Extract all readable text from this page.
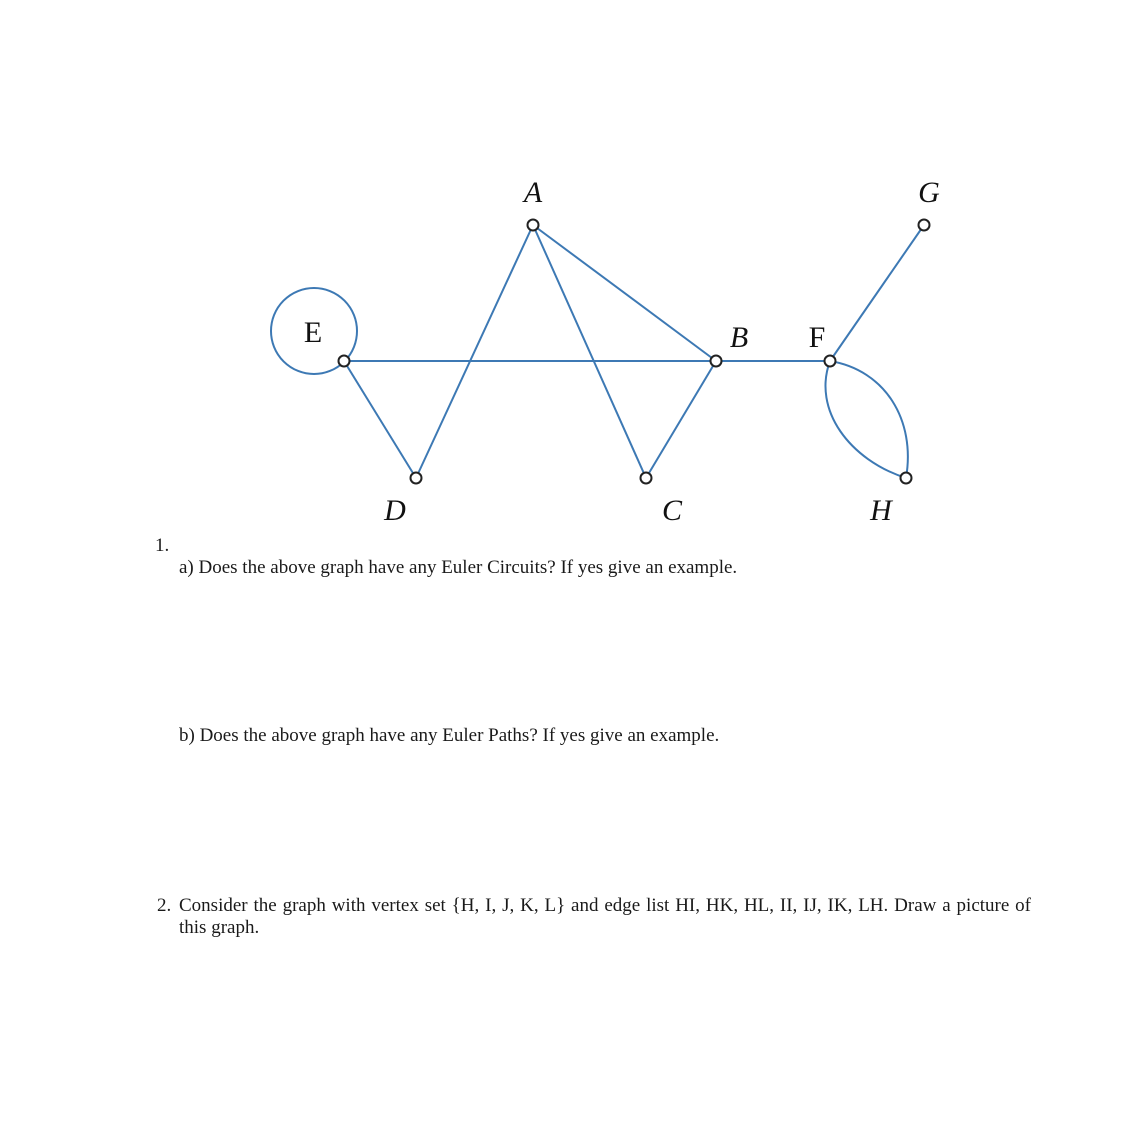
A
B
C
D
E	F
G
H

1.

a) Does the above graph have any Euler Circuits? If yes give an example.

b) Does the above graph have any Euler Paths? If yes give an example.

2. Consider the graph with vertex set {H, I, J, K, L} and edge list HI, HK, HL, II, IJ, IK, LH. Draw a picture of this graph.
